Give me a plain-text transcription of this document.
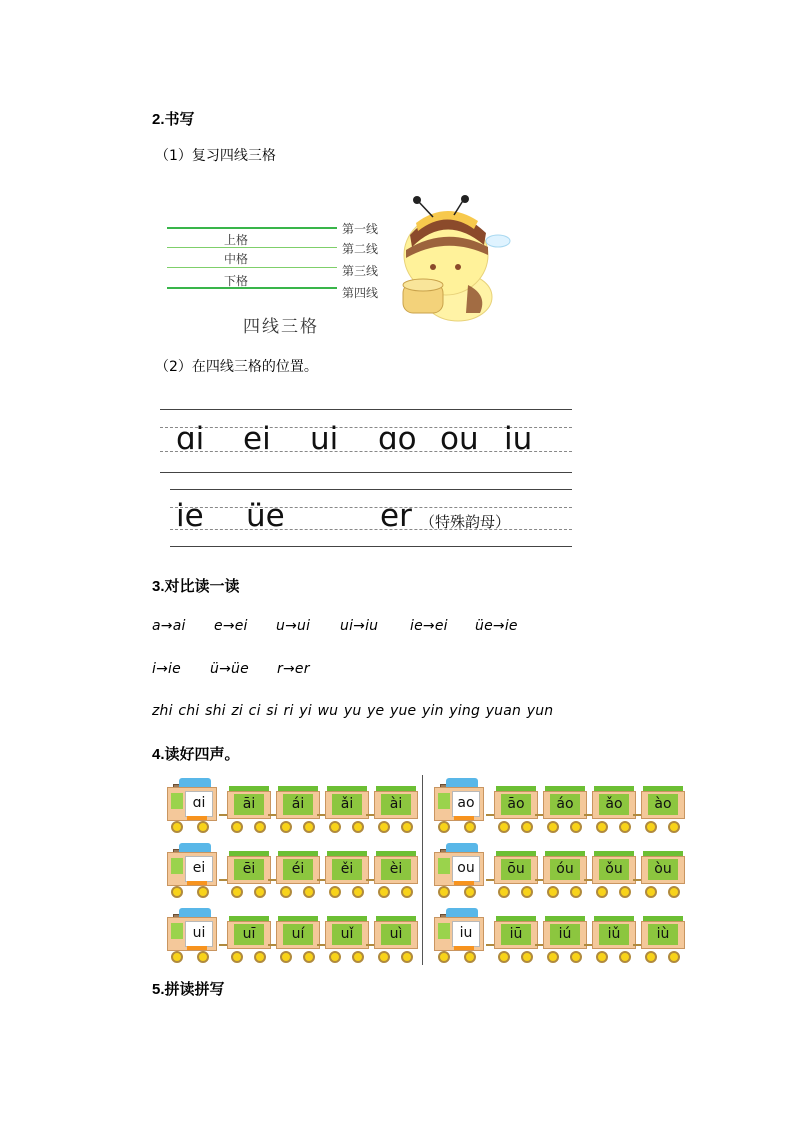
2.书写
（1）复习四线三格
上格
中格
下格
第一线
第二线
第三线
第四线
四线三格
（2）在四线三格的位置。
ɑi ei ui ɑo ou iu
ie üe	er （特殊韵母）
3.对比读一读
a→ai e→ei u→ui ui→iu ie→ei üe→ie
i→ie ü→üe r→er
zhi chi shi zi ci si ri yi wu yu ye yue yin ying yuan yun
4.读好四声。
ɑi	āi	ái	ǎi	ài	ao	āo	áo	ǎo	ào
ei	ēi	éi	ěi	èi	ou	ōu	óu	ǒu	òu
ui	uī	uí	uǐ	uì	iu	iū	iú	iǔ	iù
5.拼读拼写
